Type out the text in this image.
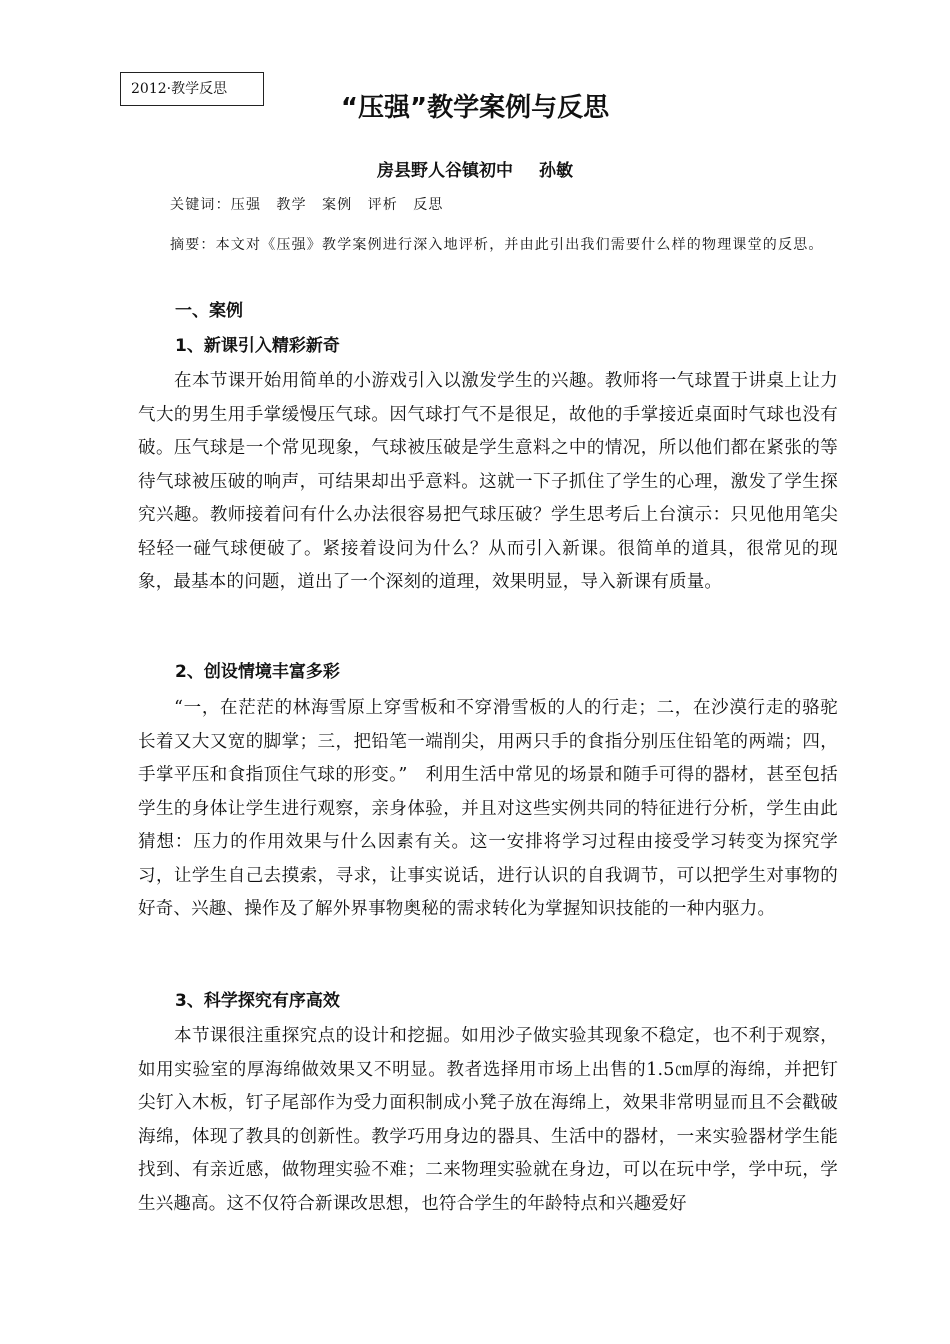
2012·教学反思
“压强”教学案例与反思
房县野人谷镇初中 孙敏
关键词：压强　教学　案例　评析　反思
摘要：本文对《压强》教学案例进行深入地评析，并由此引出我们需要什么样的物理课堂的反思。
一、案例
1、新课引入精彩新奇
在本节课开始用简单的小游戏引入以激发学生的兴趣。教师将一气球置于讲桌上让力气大的男生用手掌缓慢压气球。因气球打气不是很足，故他的手掌接近桌面时气球也没有破。压气球是一个常见现象，气球被压破是学生意料之中的情况，所以他们都在紧张的等待气球被压破的响声，可结果却出乎意料。这就一下子抓住了学生的心理，激发了学生探究兴趣。教师接着问有什么办法很容易把气球压破？学生思考后上台演示：只见他用笔尖轻轻一碰气球便破了。紧接着设问为什么？从而引入新课。很简单的道具，很常见的现象，最基本的问题，道出了一个深刻的道理，效果明显，导入新课有质量。
2、创设情境丰富多彩
“一，在茫茫的林海雪原上穿雪板和不穿滑雪板的人的行走；二，在沙漠行走的骆驼长着又大又宽的脚掌；三，把铅笔一端削尖，用两只手的食指分别压住铅笔的两端；四，手掌平压和食指顶住气球的形变。”　利用生活中常见的场景和随手可得的器材，甚至包括学生的身体让学生进行观察，亲身体验，并且对这些实例共同的特征进行分析，学生由此猜想：压力的作用效果与什么因素有关。这一安排将学习过程由接受学习转变为探究学习，让学生自己去摸索，寻求，让事实说话，进行认识的自我调节，可以把学生对事物的好奇、兴趣、操作及了解外界事物奥秘的需求转化为掌握知识技能的一种内驱力。
3、科学探究有序高效
本节课很注重探究点的设计和挖掘。如用沙子做实验其现象不稳定，也不利于观察，如用实验室的厚海绵做效果又不明显。教者选择用市场上出售的1.5㎝厚的海绵，并把钉尖钉入木板，钉子尾部作为受力面积制成小凳子放在海绵上，效果非常明显而且不会戳破海绵，体现了教具的创新性。教学巧用身边的器具、生活中的器材，一来实验器材学生能找到、有亲近感，做物理实验不难；二来物理实验就在身边，可以在玩中学，学中玩，学生兴趣高。这不仅符合新课改思想，也符合学生的年龄特点和兴趣爱好
